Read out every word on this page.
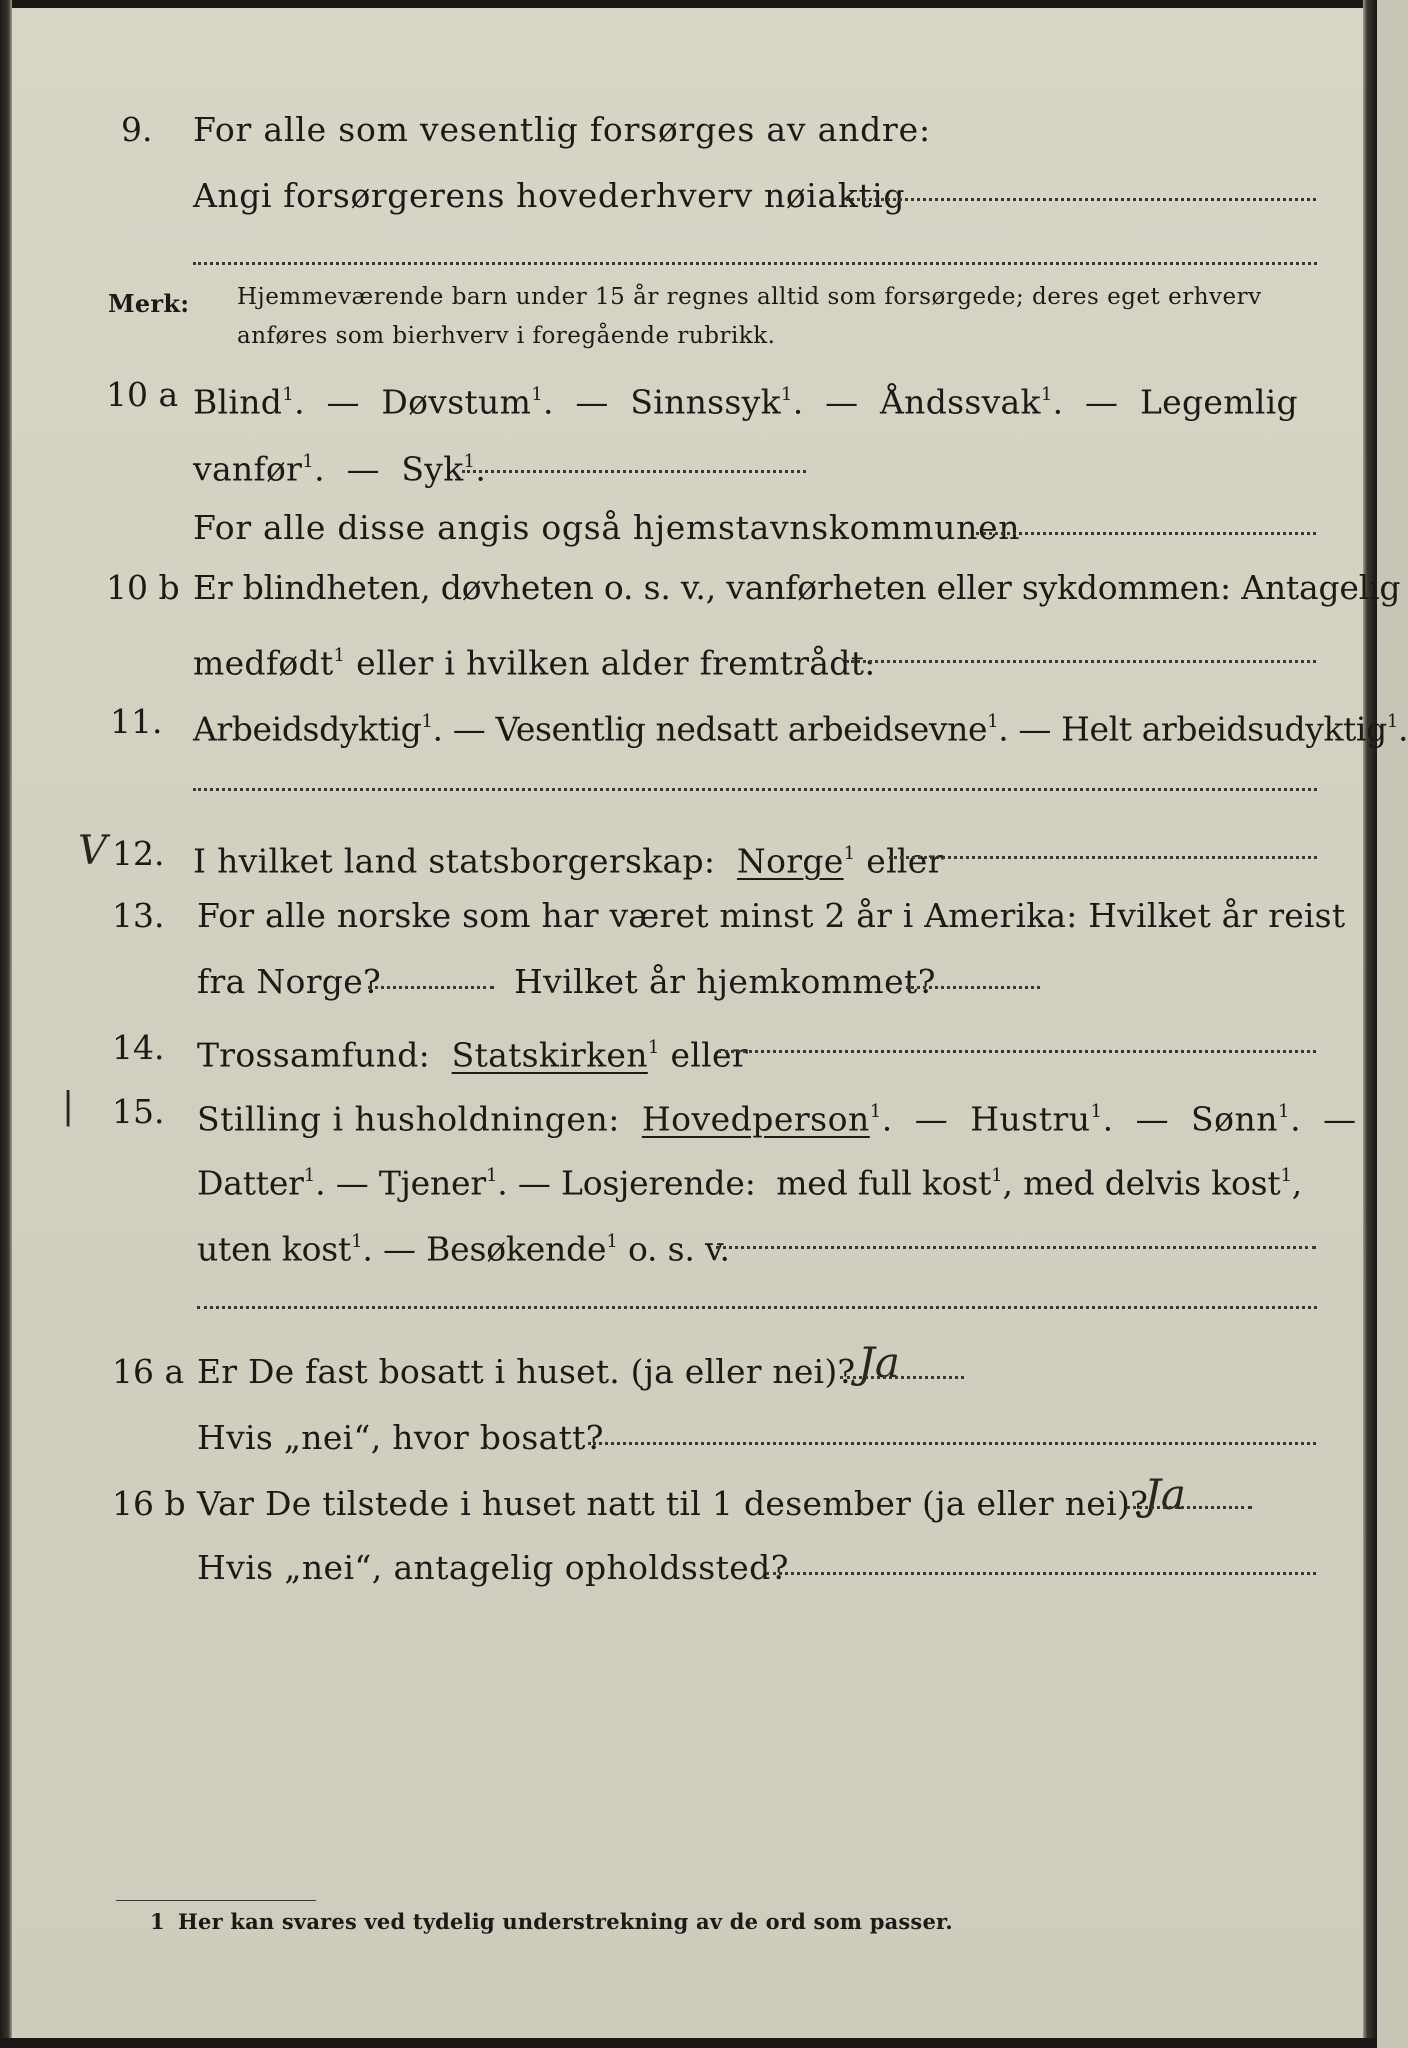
9. For alle som vesentlig forsørges av andre:
Angi forsørgerens hovederhverv nøiaktig
Merk: Hjemmeværende barn under 15 år regnes alltid som forsørgede; deres eget erhverv
anføres som bierhverv i foregående rubrikk.
10 a Blind$^1$.  — Døvstum$^1$.  — Sinnssyk$^1$.  — Åndssvak$^1$.  — Legemlig
vanfør$^1$.  — Syk$^1$.
For alle disse angis også hjemstavnskommunen
10 b Er blindheten, døvheten o. s. v., vanførheten eller sykdommen: Antagelig
medfødt$^1$ eller i hvilken alder fremtrådt:
11. Arbeidsdyktig$^1$. — Vesentlig nedsatt arbeidsevne$^1$. — Helt arbeidsudyktig$^1$.
V 12. I hvilket land statsborgerskap: Norge$^1$ eller
13. For alle norske som har været minst 2 år i Amerika: Hvilket år reist
fra Norge?	Hvilket år hjemkommet?
14. Trossamfund: Statskirken$^1$ eller
| 15. Stilling i husholdningen: Hovedperson$^1$.  — Hustru$^1$.  — Sønn$^1$.  —
Datter$^1$. — Tjener$^1$. — Losjerende: med full kost$^1$, med delvis kost$^1$,
uten kost$^1$. — Besøkende$^1$ o. s. v.
16 a Er De fast bosatt i huset. (ja eller nei)? Ja
Hvis „nei“, hvor bosatt?
16 b Var De tilstede i huset natt til 1 desember (ja eller nei)?
Ja
Hvis „nei“, antagelig opholdssted?
1 Her kan svares ved tydelig understrekning av de ord som passer.
